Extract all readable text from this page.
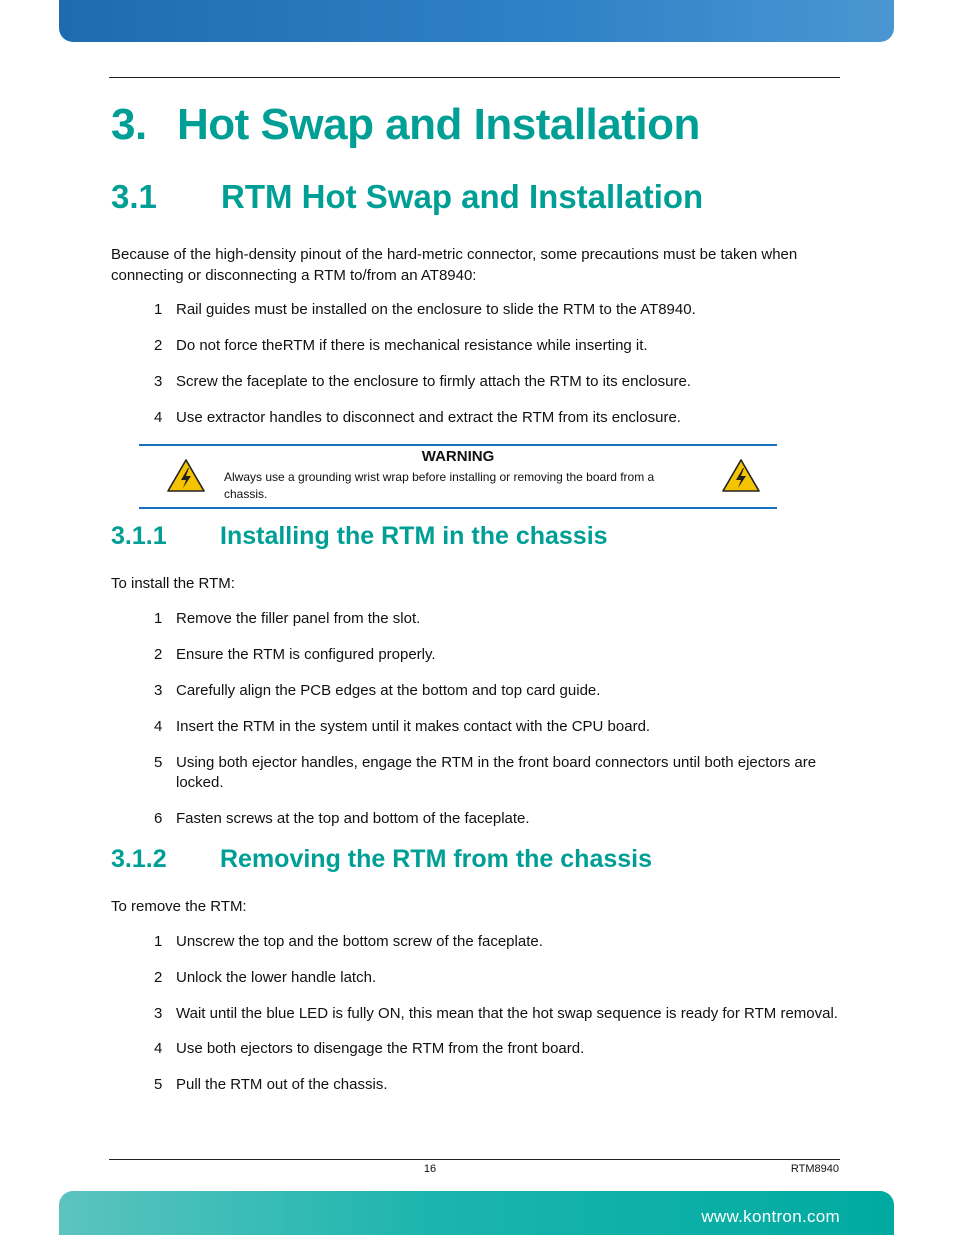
3. Hot Swap and Installation
3.1 RTM Hot Swap and Installation

Because of the high-density pinout of the hard-metric connector, some precautions must be taken when connecting or disconnecting a RTM to/from an AT8940:

1 Rail guides must be installed on the enclosure to slide the RTM to the AT8940.
2 Do not force theRTM if there is mechanical resistance while inserting it.
3 Screw the faceplate to the enclosure to firmly attach the RTM to its enclosure.
4 Use extractor handles to disconnect and extract the RTM from its enclosure.
WARNING
Always use a grounding wrist wrap before installing or removing the board from a chassis.
3.1.1 Installing the RTM in the chassis

To install the RTM:

1 Remove the filler panel from the slot.
2 Ensure the RTM is configured properly.
3 Carefully align the PCB edges at the bottom and top card guide.
4 Insert the RTM in the system until it makes contact with the CPU board.
5 Using both ejector handles, engage the RTM in the front board connectors until both ejectors are locked.
6 Fasten screws at the top and bottom of the faceplate.
3.1.2 Removing the RTM from the chassis

To remove the RTM:

1 Unscrew the top and the bottom screw of the faceplate.
2 Unlock the lower handle latch.
3 Wait until the blue LED is fully ON, this mean that the hot swap sequence is ready for RTM removal.
4 Use both ejectors to disengage the RTM from the front board.
5 Pull the RTM out of the chassis.
16	RTM8940
www.kontron.com
